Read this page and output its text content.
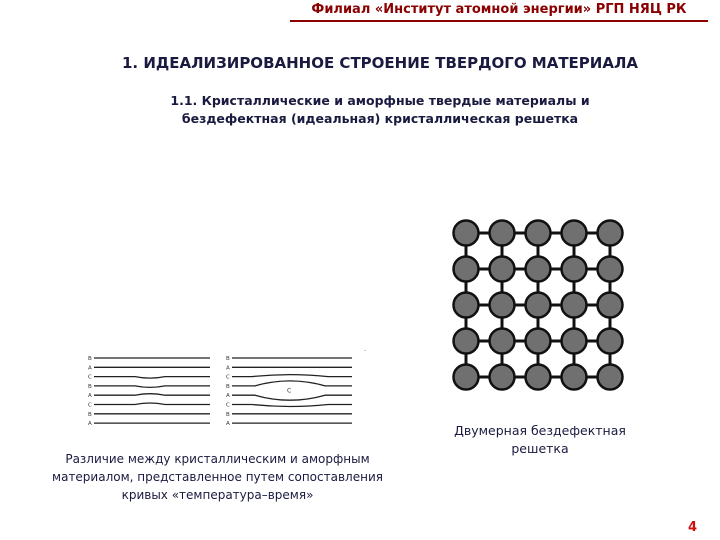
Филиал «Институт атомной энергии» РГП НЯЦ РК
1. ИДЕАЛИЗИРОВАННОЕ СТРОЕНИЕ ТВЕРДОГО МАТЕРИАЛА
1.1. Кристаллические и аморфные твердые материалы и
бездефектная (идеальная) кристаллическая решетка
В
А
С
В
А
С
В
А
В
А
С
В
А
С
В
А
С
Различие между кристаллическим и аморфным
материалом, представленное путем сопоставления
кривых «температура–время»
Двумерная бездефектная
решетка
4
